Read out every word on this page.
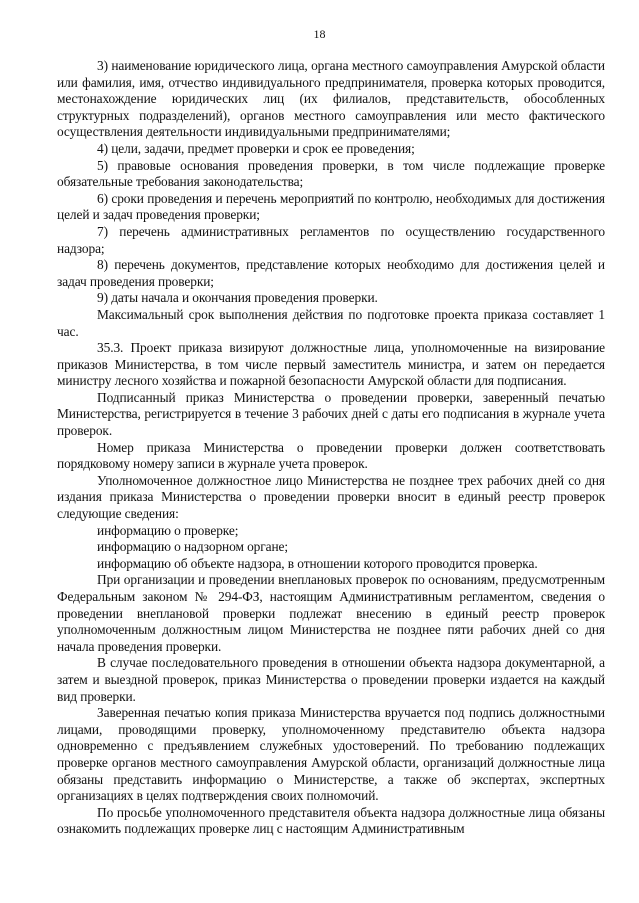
18

3) наименование юридического лица, органа местного самоуправления Амурской области или фамилия, имя, отчество индивидуального предпринимателя, проверка которых проводится, местонахождение юридических лиц (их филиалов, представительств, обособленных структурных подразделений), органов местного самоуправления или место фактического осуществления деятельности индивидуальными предпринимателями;

4) цели, задачи, предмет проверки и срок ее проведения;

5) правовые основания проведения проверки, в том числе подлежащие проверке обязательные требования законодательства;

6) сроки проведения и перечень мероприятий по контролю, необходимых для достижения целей и задач проведения проверки;

7) перечень административных регламентов по осуществлению государственного надзора;

8) перечень документов, представление которых необходимо для достижения целей и задач проведения проверки;

9) даты начала и окончания проведения проверки.

Максимальный срок выполнения действия по подготовке проекта приказа составляет 1 час.

35.3. Проект приказа визируют должностные лица, уполномоченные на визирование приказов Министерства, в том числе первый заместитель министра, и затем он передается министру лесного хозяйства и пожарной безопасности Амурской области для подписания.

Подписанный приказ Министерства о проведении проверки, заверенный печатью Министерства, регистрируется в течение 3 рабочих дней с даты его подписания в журнале учета проверок.

Номер приказа Министерства о проведении проверки должен соответствовать порядковому номеру записи в журнале учета проверок.

Уполномоченное должностное лицо Министерства не позднее трех рабочих дней со дня издания приказа Министерства о проведении проверки вносит в единый реестр проверок следующие сведения:

информацию о проверке;

информацию о надзорном органе;

информацию об объекте надзора, в отношении которого проводится проверка.

При организации и проведении внеплановых проверок по основаниям, предусмотренным Федеральным законом № 294-ФЗ, настоящим Административным регламентом, сведения о проведении внеплановой проверки подлежат внесению в единый реестр проверок уполномоченным должностным лицом Министерства не позднее пяти рабочих дней со дня начала проведения проверки.

В случае последовательного проведения в отношении объекта надзора документарной, а затем и выездной проверок, приказ Министерства о проведении проверки издается на каждый вид проверки.

Заверенная печатью копия приказа Министерства вручается под подпись должностными лицами, проводящими проверку, уполномоченному представителю объекта надзора одновременно с предъявлением служебных удостоверений. По требованию подлежащих проверке органов местного самоуправления Амурской области, организаций должностные лица обязаны представить информацию о Министерстве, а также об экспертах, экспертных организациях в целях подтверждения своих полномочий.

По просьбе уполномоченного представителя объекта надзора должностные лица обязаны ознакомить подлежащих проверке лиц с настоящим Административным
